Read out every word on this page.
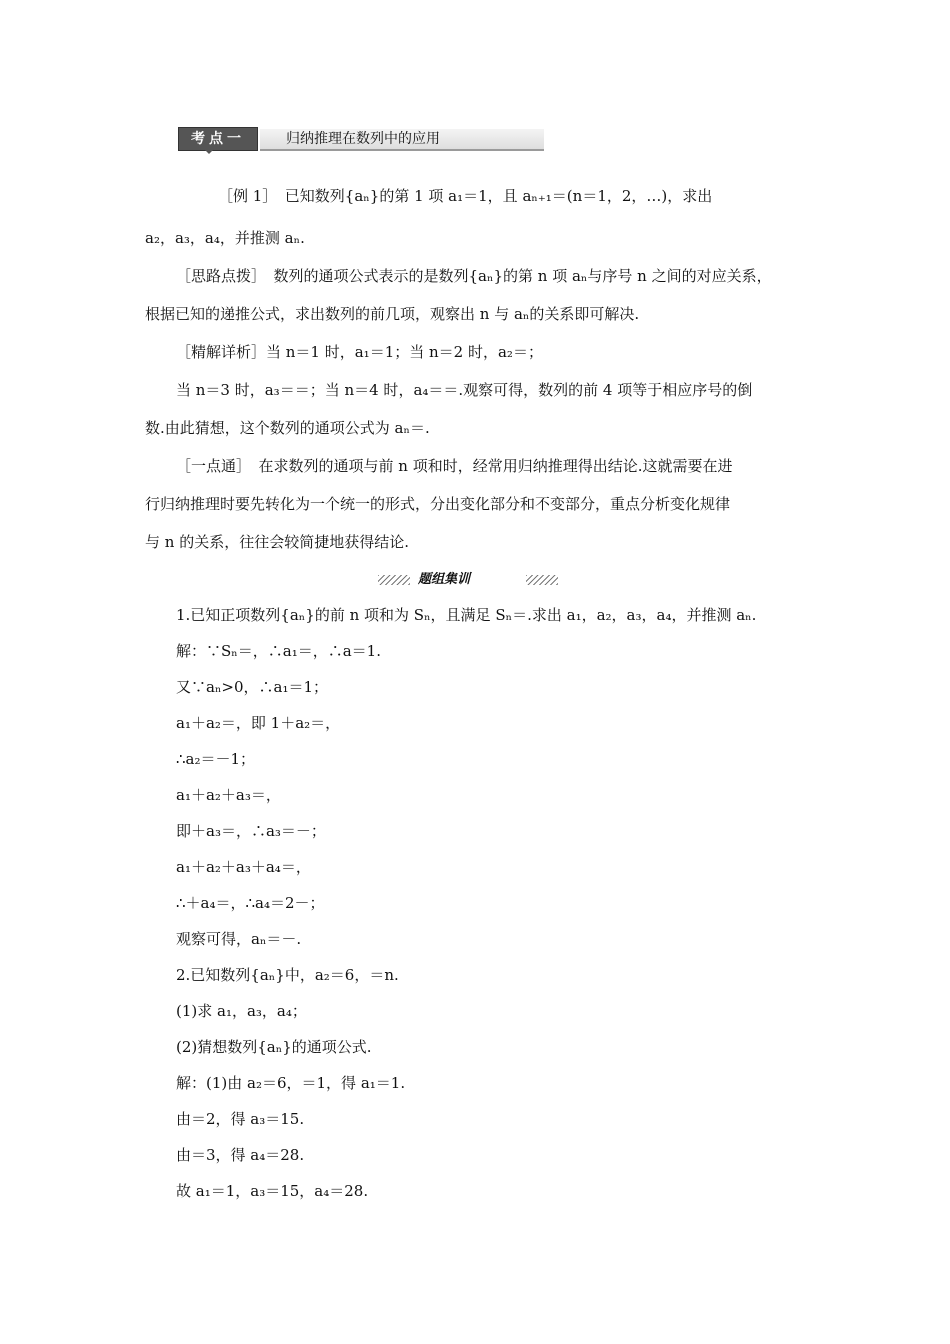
考点一	归纳推理在数列中的应用
［例 1］　已知数列{aₙ}的第 1 项 a₁＝1，且 aₙ₊₁＝(n＝1，2，…)，求出
a₂，a₃，a₄，并推测 aₙ.
［思路点拨］　数列的通项公式表示的是数列{aₙ}的第 n 项 aₙ与序号 n 之间的对应关系，
根据已知的递推公式，求出数列的前几项，观察出 n 与 aₙ的关系即可解决.
［精解详析］当 n＝1 时，a₁＝1；当 n＝2 时，a₂＝；
当 n＝3 时，a₃＝＝；当 n＝4 时，a₄＝＝.观察可得，数列的前 4 项等于相应序号的倒
数.由此猜想，这个数列的通项公式为 aₙ＝.
［一点通］　在求数列的通项与前 n 项和时，经常用归纳推理得出结论.这就需要在进
行归纳推理时要先转化为一个统一的形式，分出变化部分和不变部分，重点分析变化规律
与 n 的关系，往往会较简捷地获得结论.
题组集训
1.已知正项数列{aₙ}的前 n 项和为 Sₙ，且满足 Sₙ＝.求出 a₁，a₂，a₃，a₄，并推测 aₙ.
解：∵Sₙ＝，∴a₁＝，∴a＝1.
又∵aₙ>0，∴a₁＝1；
a₁＋a₂＝，即 1＋a₂＝，
∴a₂＝－1；
a₁＋a₂＋a₃＝，
即＋a₃＝，∴a₃＝－；
a₁＋a₂＋a₃＋a₄＝，
∴＋a₄＝，∴a₄＝2－；
观察可得，aₙ＝－.
2.已知数列{aₙ}中，a₂＝6，＝n.
(1)求 a₁，a₃，a₄；
(2)猜想数列{aₙ}的通项公式.
解：(1)由 a₂＝6，＝1，得 a₁＝1.
由＝2，得 a₃＝15.
由＝3，得 a₄＝28.
故 a₁＝1，a₃＝15，a₄＝28.
